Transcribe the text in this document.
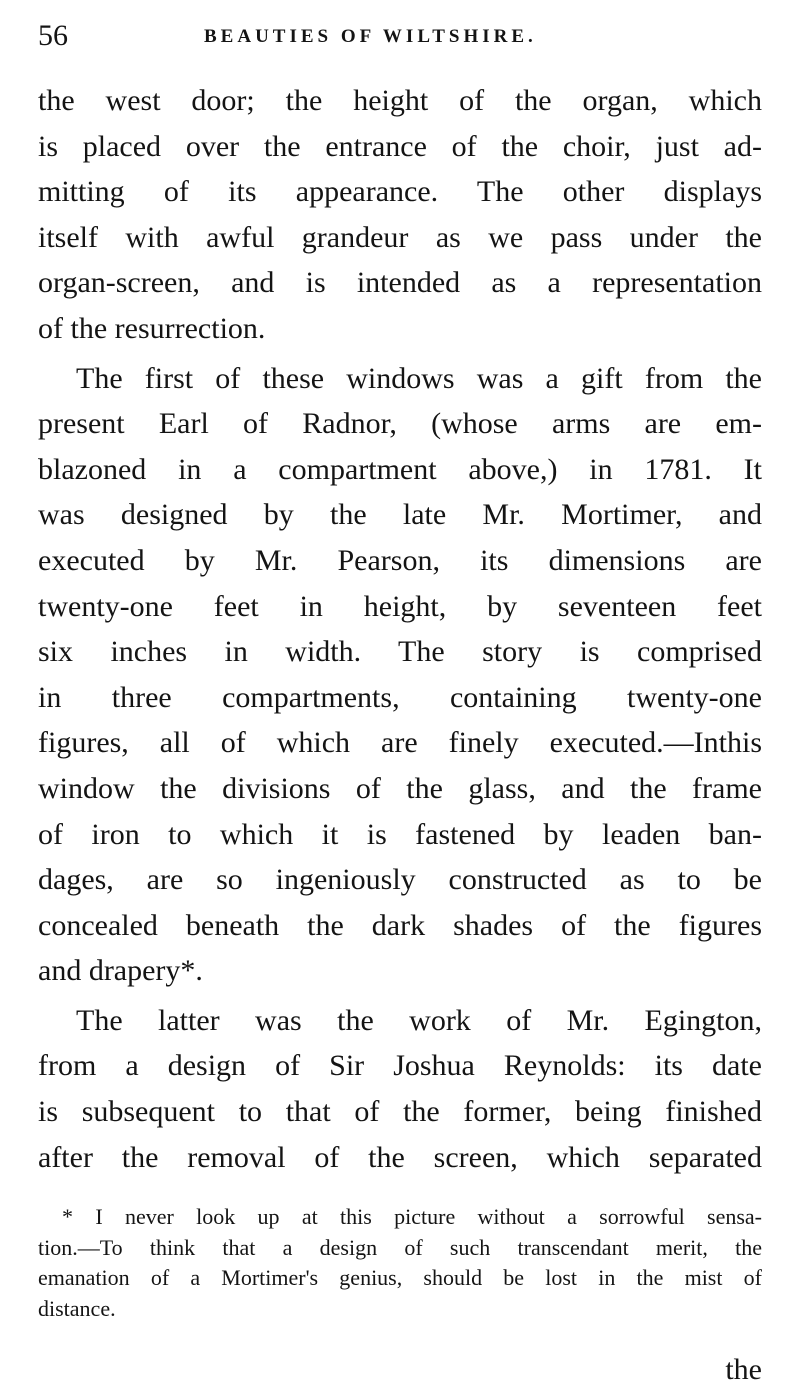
56	BEAUTIES OF WILTSHIRE.
the west door; the height of the organ, which
is placed over the entrance of the choir, just ad-
mitting of its appearance. The other displays
itself with awful grandeur as we pass under the
organ-screen, and is intended as a representation
of the resurrection.
The first of these windows was a gift from the
present Earl of Radnor, (whose arms are em-
blazoned in a compartment above,) in 1781. It
was designed by the late Mr. Mortimer, and
executed by Mr. Pearson, its dimensions are
twenty-one feet in height, by seventeen feet
six inches in width. The story is comprised
in three compartments, containing twenty-one
figures, all of which are finely executed.—Inthis
window the divisions of the glass, and the frame
of iron to which it is fastened by leaden ban-
dages, are so ingeniously constructed as to be
concealed beneath the dark shades of the figures
and drapery*.
The latter was the work of Mr. Egington,
from a design of Sir Joshua Reynolds: its date
is subsequent to that of the former, being finished
after the removal of the screen, which separated
* I never look up at this picture without a sorrowful sensa-
tion.—To think that a design of such transcendant merit, the
emanation of a Mortimer's genius, should be lost in the mist of
distance.
the
